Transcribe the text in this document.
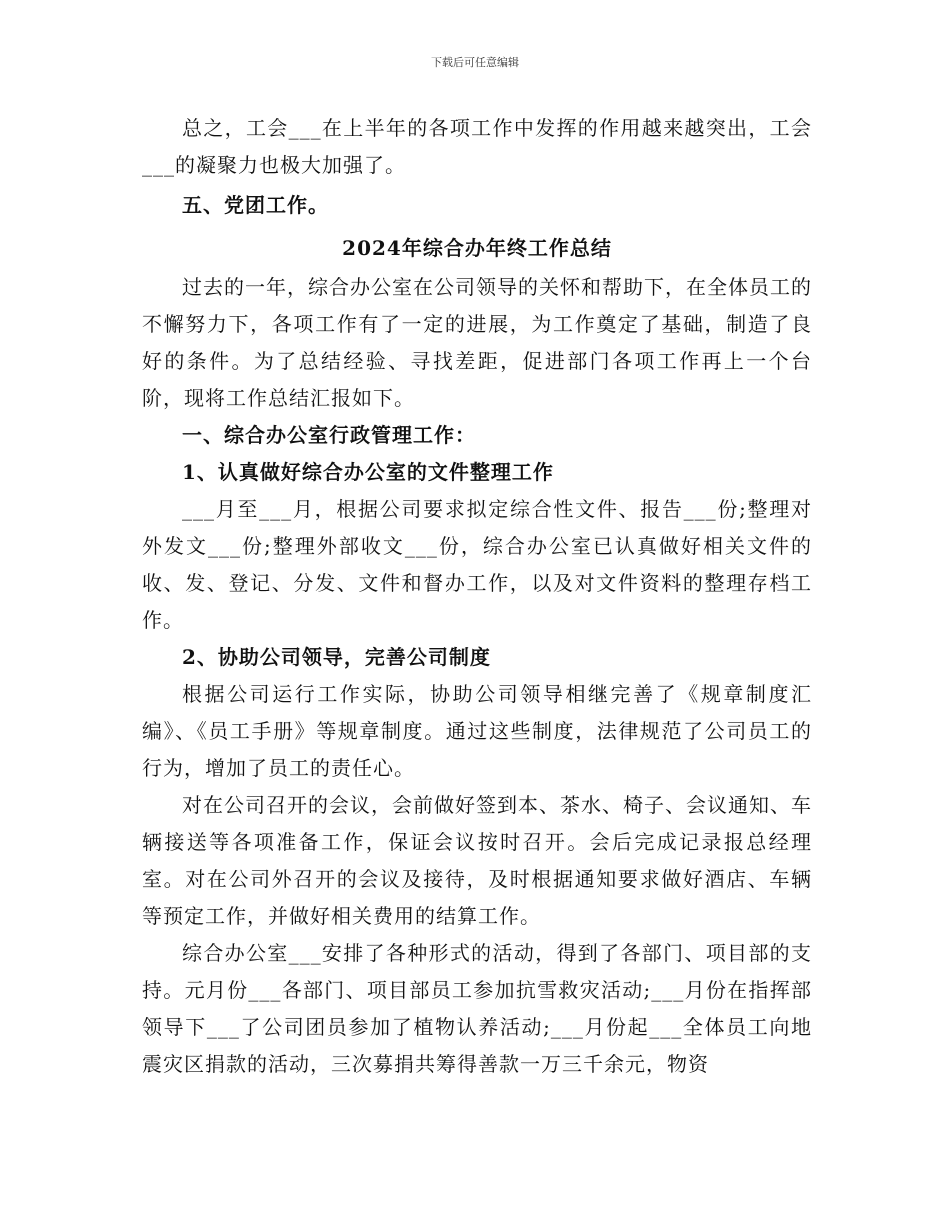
下载后可任意编辑

总之，工会___在上半年的各项工作中发挥的作用越来越突出，工会___的凝聚力也极大加强了。

五、党团工作。

2024年综合办年终工作总结

过去的一年，综合办公室在公司领导的关怀和帮助下，在全体员工的不懈努力下，各项工作有了一定的进展，为工作奠定了基础，制造了良好的条件。为了总结经验、寻找差距，促进部门各项工作再上一个台阶，现将工作总结汇报如下。

一、综合办公室行政管理工作：

1、认真做好综合办公室的文件整理工作

___月至___月，根据公司要求拟定综合性文件、报告___份;整理对外发文___份;整理外部收文___份，综合办公室已认真做好相关文件的收、发、登记、分发、文件和督办工作，以及对文件资料的整理存档工作。

2、协助公司领导，完善公司制度

根据公司运行工作实际，协助公司领导相继完善了《规章制度汇编》、《员工手册》等规章制度。通过这些制度，法律规范了公司员工的行为，增加了员工的责任心。

对在公司召开的会议，会前做好签到本、茶水、椅子、会议通知、车辆接送等各项准备工作，保证会议按时召开。会后完成记录报总经理室。对在公司外召开的会议及接待，及时根据通知要求做好酒店、车辆等预定工作，并做好相关费用的结算工作。

综合办公室___安排了各种形式的活动，得到了各部门、项目部的支持。元月份___各部门、项目部员工参加抗雪救灾活动;___月份在指挥部领导下___了公司团员参加了植物认养活动;___月份起___全体员工向地震灾区捐款的活动，三次募捐共筹得善款一万三千余元，物资
